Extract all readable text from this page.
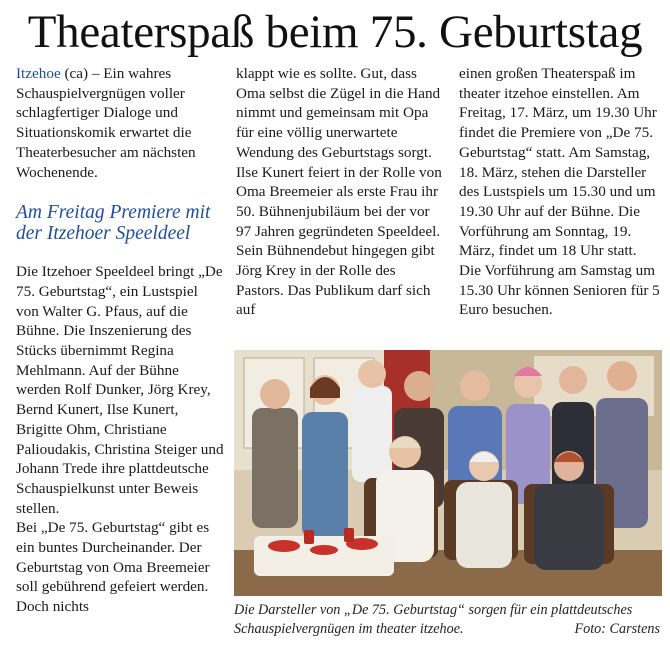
Theaterspaß beim 75. Geburtstag

Itzehoe (ca) – Ein wahres Schauspielvergnügen voller schlagfertiger Dialoge und Situationskomik erwartet die Theaterbesucher am nächsten Wochenende.

Am Freitag Premiere mit der Itzehoer Speeldeel

Die Itzehoer Speeldeel bringt „De 75. Geburtstag“, ein Lustspiel von Walter G. Pfaus, auf die Bühne. Die Inszenierung des Stücks übernimmt Regina Mehlmann. Auf der Bühne werden Rolf Dunker, Jörg Krey, Bernd Kunert, Ilse Kunert, Brigitte Ohm, Christiane Palioudakis, Christina Steiger und Johann Trede ihre plattdeutsche Schauspielkunst unter Beweis stellen.

Bei „De 75. Geburtstag“ gibt es ein buntes Durcheinander. Der Geburtstag von Oma Breemeier soll gebührend gefeiert werden. Doch nichts

klappt wie es sollte. Gut, dass Oma selbst die Zügel in die Hand nimmt und gemeinsam mit Opa für eine völlig unerwartete Wendung des Geburtstags sorgt.

Ilse Kunert feiert in der Rolle von Oma Breemeier als erste Frau ihr 50. Bühnenjubiläum bei der vor 97 Jahren gegründeten Speeldeel. Sein Bühnendebut hingegen gibt Jörg Krey in der Rolle des Pastors. Das Publikum darf sich auf

einen großen Theaterspaß im theater itzehoe einstellen. Am Freitag, 17. März, um 19.30 Uhr findet die Premiere von „De 75. Geburtstag“ statt. Am Samstag, 18. März, stehen die Darsteller des Lustspiels um 15.30 und um 19.30 Uhr auf der Bühne. Die Vorführung am Sonntag, 19. März, findet um 18 Uhr statt.

Die Vorführung am Samstag um 15.30 Uhr können Senioren für 5 Euro besuchen.

Die Darsteller von „De 75. Geburtstag“ sorgen für ein plattdeutsches Schauspielvergnügen im theater itzehoe.	Foto: Carstens
